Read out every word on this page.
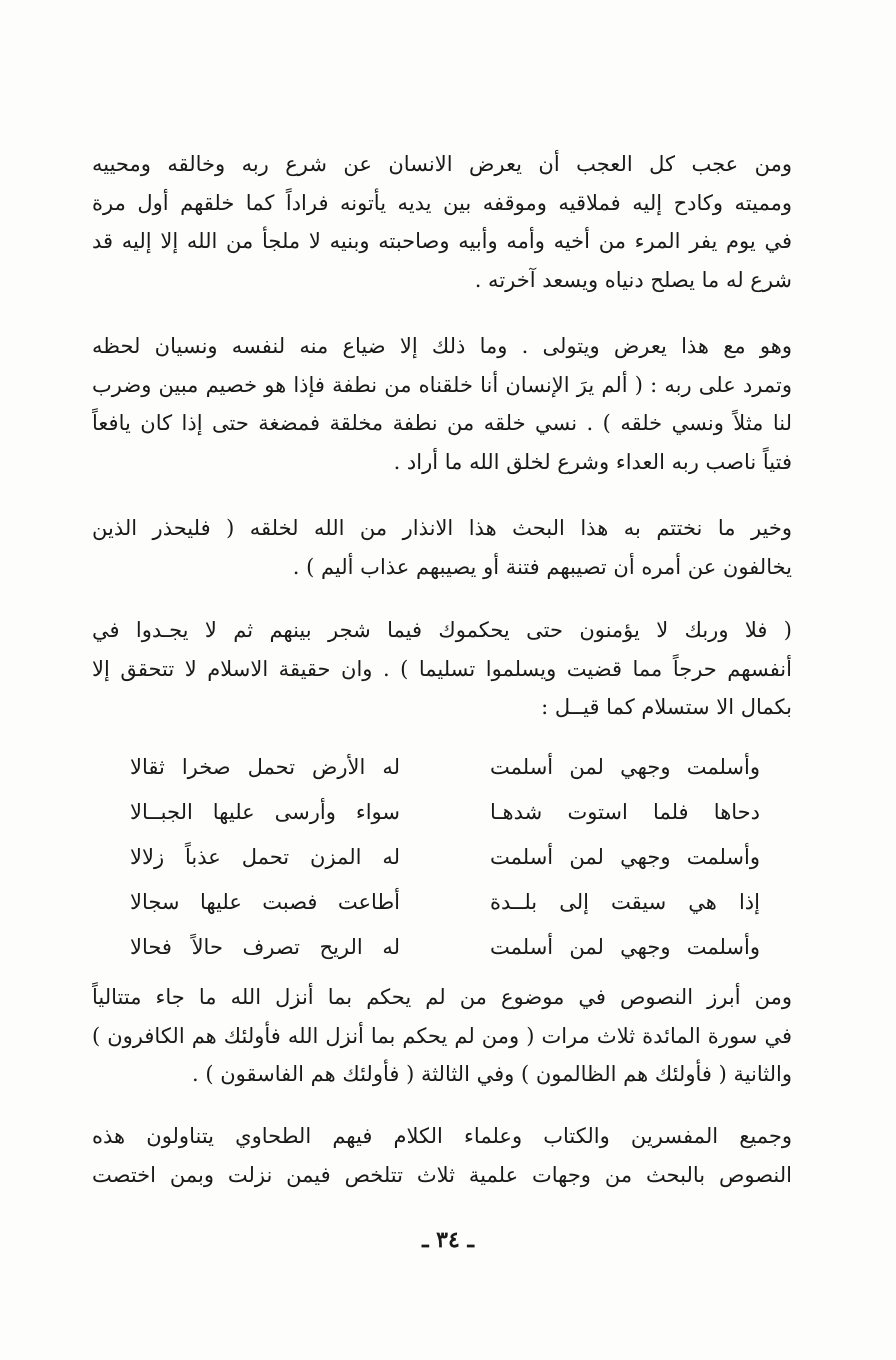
ومن عجب كل العجب أن يعرض الانسان عن شرع ربه وخالقه ومحييه
ومميته وكادح إليه فملاقيه وموقفه بين يديه يأتونه فراداً كما خلقهم أول مرة
في يوم يفر المرء من أخيه وأمه وأبيه وصاحبته وبنيه لا ملجأ من الله إلا إليه قد
شرع له ما يصلح دنياه ويسعد آخرته .
وهو مع هذا يعرض ويتولى . وما ذلك إلا ضياع منه لنفسه ونسيان لحظه
وتمرد على ربه : ( ألم يرَ الإنسان أنا خلقناه من نطفة فإذا هو خصيم مبين وضرب
لنا مثلاً ونسي خلقه ) . نسي خلقه من نطفة مخلقة فمضغة حتى إذا كان يافعاً
فتياً ناصب ربه العداء وشرع لخلق الله ما أراد .
وخير ما نختتم به هذا البحث هذا الانذار من الله لخلقه ( فليحذر الذين
يخالفون عن أمره أن تصيبهم فتنة أو يصيبهم عذاب أليم ) .
( فلا وربك لا يؤمنون حتى يحكموك فيما شجر بينهم ثم لا يجـدوا في
أنفسهم حرجاً مما قضيت ويسلموا تسليما ) . وان حقيقة الاسلام لا تتحقق إلا
بكمال الا ستسلام كما قيــل :
وأسلمت وجهي لمن أسلمت
له الأرض تحمل صخرا ثقالا
دحاها فلما استوت شدهـا
سواء وأرسى عليها الجبــالا
وأسلمت وجهي لمن أسلمت
له المزن تحمل عذباً زلالا
إذا هي سيقت إلى بلــدة
أطاعت فصبت عليها سجالا
وأسلمت وجهي لمن أسلمت
له الريح تصرف حالاً فحالا
ومن أبرز النصوص في موضوع من لم يحكم بما أنزل الله ما جاء متتالياً
في سورة المائدة ثلاث مرات ( ومن لم يحكم بما أنزل الله فأولئك هم الكافرون )
والثانية ( فأولئك هم الظالمون ) وفي الثالثة ( فأولئك هم الفاسقون ) .
وجميع المفسرين والكتاب وعلماء الكلام فيهم الطحاوي يتناولون هذه
النصوص بالبحث من وجهات علمية ثلاث تتلخص فيمن نزلت وبمن اختصت
ـ ٣٤ ـ
